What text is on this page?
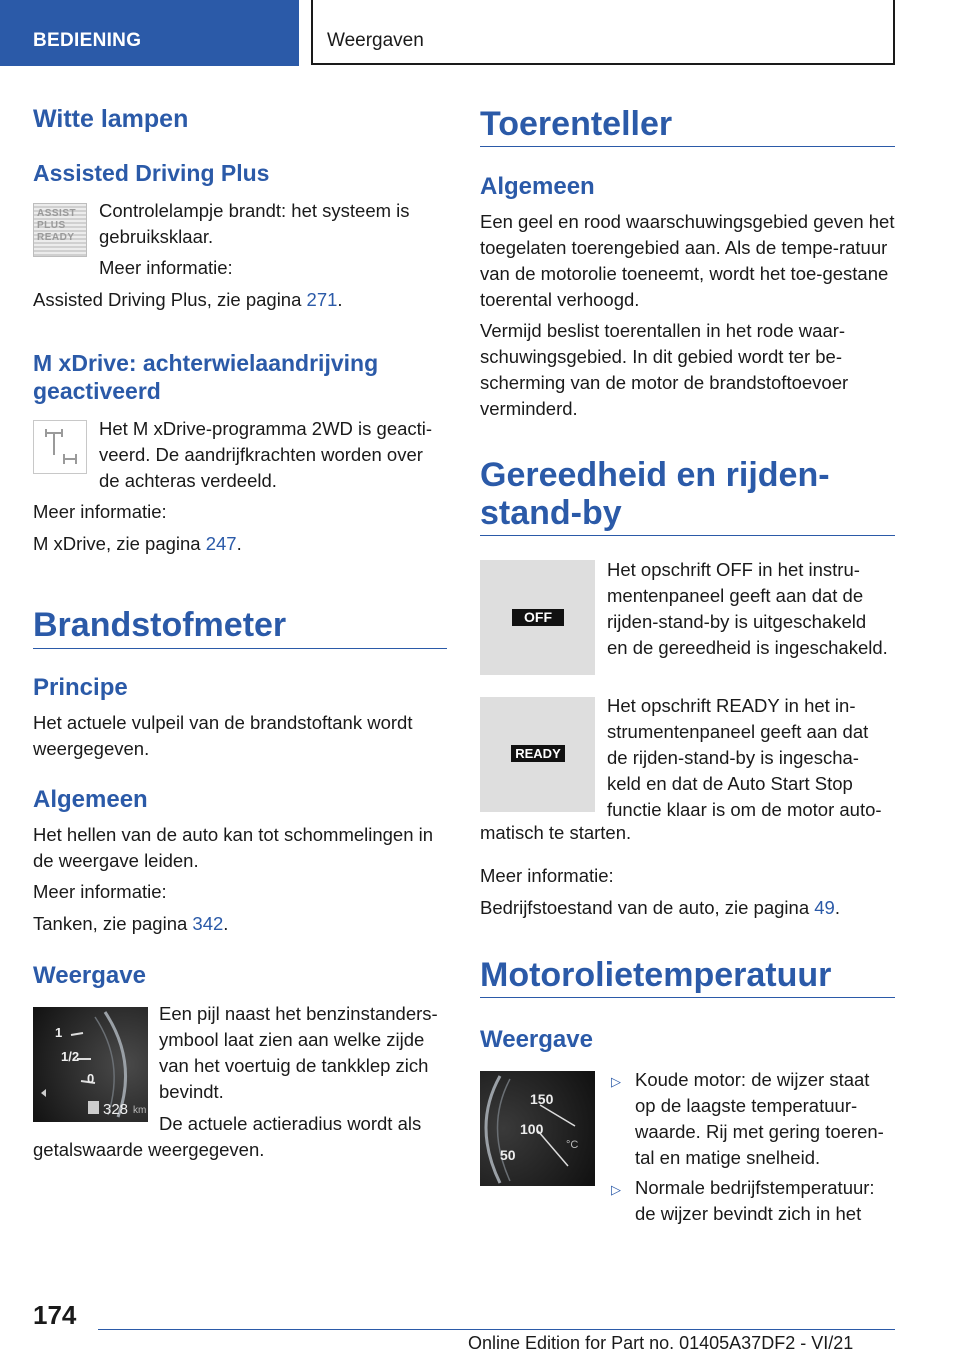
BEDIENING	Weergaven
Witte lampen
Assisted Driving Plus
ASSIST
PLUS
READY

Controlelampje brandt: het systeem is gebruiksklaar.

Meer informatie:

Assisted Driving Plus, zie pagina 271.

M xDrive: achterwielaandrijving
geactiveerd

Het M xDrive-programma 2WD is geacti‐

veerd. De aandrijfkrachten worden over

de achteras verdeeld.

Meer informatie:

M xDrive, zie pagina 247.

Brandstofmeter
Principe

Het actuele vulpeil van de brandstoftank wordt weergegeven.

Algemeen

Het hellen van de auto kan tot schommelingen in de weergave leiden.

Meer informatie:

Tanken, zie pagina 342.

Weergave
1
1/2
0
328 km

Een pijl naast het benzinstanders‐

ymbool laat zien aan welke zijde

van het voertuig de tankklep zich

bevindt.

De actuele actieradius wordt als

getalswaarde weergegeven.

Toerenteller
Algemeen

Een geel en rood waarschuwingsgebied geven het toegelaten toerengebied aan. Als de tempe‐ratuur van de motorolie toeneemt, wordt het toe‐gestane toerental verhoogd.

Vermijd beslist toerentallen in het rode waar‐schuwingsgebied. In dit gebied wordt ter be‐scherming van de motor de brandstoftoevoer verminderd.

Gereedheid en rijden‐
stand-by
OFF

Het opschrift OFF in het instru‐

mentenpaneel geeft aan dat de

rijden-stand-by is uitgeschakeld

en de gereedheid is ingeschakeld.

READY

Het opschrift READY in het in‐

strumentenpaneel geeft aan dat

de rijden-stand-by is ingescha‐

keld en dat de Auto Start Stop

functie klaar is om de motor auto‐

matisch te starten.

Meer informatie:

Bedrijfstoestand van de auto, zie pagina 49.

Motorolietemperatuur
Weergave
150
100
50
°C
▷ Koude motor: de wijzer staat

op de laagste temperatuur‐

waarde. Rij met gering toeren‐

tal en matige snelheid.

▷ Normale bedrijfstemperatuur:

de wijzer bevindt zich in het

174
Online Edition for Part no. 01405A37DF2 - VI/21
